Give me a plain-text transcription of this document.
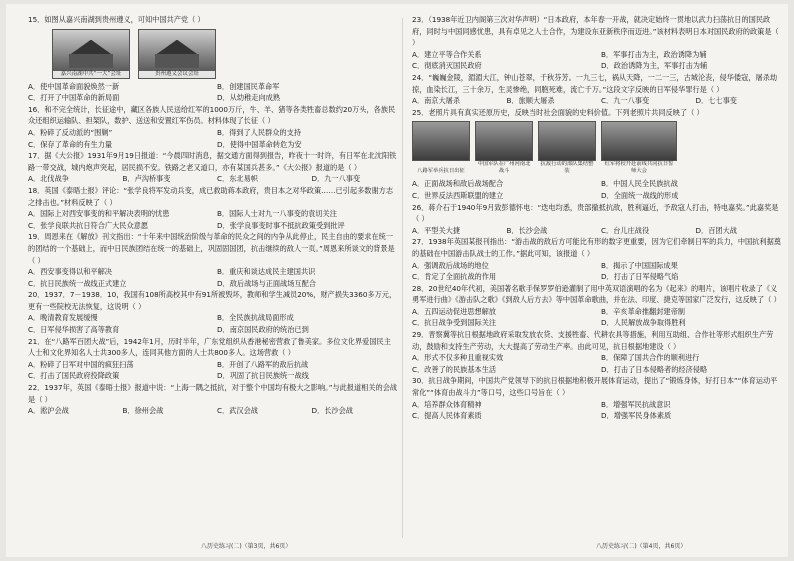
15．如图从嘉兴南湖到贵州遵义，可知中国共产党（ ）

嘉兴南湖中共“一大”会址	贵州遵义会议会址
A．使中国革命面貌焕然一新	B．创建国民革命军
C．打开了中国革命的新局面	D．从幼稚走向成熟

16．和不完全统计，长征途中，藏区各族人民送给红军的1000万斤，牛、羊、猪等各类牲畜总数约20万头，各族民众还组织运输队、担架队，数护、送送和安置红军伤员。材料体现了长征（ ）

A．粉碎了反动派的“围剿”	B．得到了人民群众的支持
C．保存了革命的有生力量	D．使得中国革命转危为安

17．据《大公报》1931年9月19日报道：“今晨四时消息，据交通方面得到报告，昨夜十一时许，有日军在北沈阳铁路一带交战，城内炮声突起，居民损不安。铁路之老又道口，亦有某国兵甚多。”《大公报》报道的是（ ）

A．北伐战争	B．卢沟桥事变	C．东北易帜	D．九一八事变

18．英国《泰晤士报》评论：“张学良将军发动兵变，成已救助蒋本政府，贵目本之对华政策……已引起多数谢方志之排击也。”材料反映了（ ）

A．国际上对西安事变的和平解决表明的忧患	B．国际人士对九一八事变的袁切关注
C．张学良联共抗日符合广大民众意愿	D．张学良事变时事不抵抗政策受到批评

19．周恩来在《解放》刊文指出：“十年来中国统治阶级与革命的民众之间的内争从此停止，民主自由的要求在统一的团结的一个基础上，而中日民族团结在统一的基础上，巩固固国团，抗击继续的敌人一页。”周恩来所谈文的背景是（ ）

A．西安事变得以和平解决	B．重庆和谈达成民主建国共识
C．抗日民族统一战线正式建立	D．敌后战场与正面战场互配合

20．1937．7－1938．10，我国有108所高校其中有91所被毁坏，教师和学生减员20%，财产损失3360多万元，更有一些院校无法恢复，这说明（ ）

A．晚清教育发展缓慢	B．全民族抗战局面形成
C．日军侵华损害了高等教育	D．南京国民政府的统治已到

21．在“八路军百团大战”后，1942年1月，历时半年，广东党组织从香港秘密营救了鲁美家。多位文化界爱国民主人士和文化界知名人士共300多人，连同其他方面的人士共800多人。这场营救（ ）

A．粉碎了日军对中国的疯狂扫荡	B．开创了八路军的敌后抗战
C．打击了国民政府投降政策	D．巩固了抗日民族统一战线

22．1937年，英国《泰晤士报》报道中说：“上海一隅之抵抗，对于整个中国均有极大之影响。”与此报道相关的会战是（ ）

A．淞沪会战	B．徐州会战	C．武汉会战	D．长沙会战

23．（1938年近卫内阁第三次对华声明）“日本政府，本年春一开战，就决定始终一贯地以武力扫荡抗日的国民政府，同时与中国同感忧患，具有卓见之人士合作，为建设东亚新秩序而迈进。”该材料表明日本对国民政府的政策是（ ）

A．建立平等合作关系	B．军事打击为主，政治诱降为辅
C．彻底消灭国民政府	D．政治诱降为主，军事打击为辅

24．“巍巍金陵，湄湄大江，钟山苍翠，千秋芬芳。一九三七，祸从天降，一二一三，古城沦丧，侵华倭寇，屠杀劫掠，血染长江，三十余万，生灵惨绝，同胞死难，流亡千万。”这段文字反映的日军侵华罪行是（ ）

A．南京大屠杀	B．旅顺大屠杀	C．九一八事变	D．七七事变

25．老照片具有真实还原历史，反映当时社会面貌的史料价值。下列老照片共同反映了（ ）

八路军举兵抗日出征
中国军队在广州河南北战斗
抗敌行动的部队集结整装
红军将校开赴前线共同抗日誓师大会
A．正面战场和敌后战场配合	B．中国人民全民族抗战
C．世界反法西斯联盟的建立	D．全面统一战线的形成

26．蒋介石于1940年9月致彭德怀电：“迭电均悉，贵部撤抵抗敌，胜利逼近，予敌寇人打击，特电嘉奖。”此嘉奖是（ ）

A．平型关大捷	B．长沙会战	C．台儿庄战役	D．百团大战

27．1938年英国某报刊指出：“游击战的敌后方可能比有形的数字更重要，因为它们牵制日军的兵力，中国抗利据奠的基础在中国游击队战士的工作。”据此可知，该报道（ ）

A．强调敌后战场的地位	B．揭示了中国国际成果
C．肯定了全面抗战的作用	D．打击了日军侵略气焰

28．20世纪40年代初，美国著名歌手保罗罗伯逊灌制了用中英双语演唱的名为《起来》的唱片，该唱片收录了《义勇军进行曲》《游击队之歌》《到敌人后方去》等中国革命歌曲，并在法、印度、捷克等国家广泛发行，这反映了（ ）

A．五四运动促进思想解放	B．辛亥革命推翻封建帝制
C．抗日战争受到国际关注	D．人民解放战争取得胜利

29．晋察冀等抗日根据地政府采取发放农贷、支援牲畜、代耕农具等措施，利用互助组、合作社等形式组织生产劳动，鼓励和支持生产劳动，大大提高了劳动生产率。由此可见，抗日根据地建设（ ）

A．形式不仅多种且重视实效	B．保障了国共合作的顺利进行
C．改善了的民族基本生活	D．打击了日本侵略者的经济侵略

30．抗日战争期间，中国共产党领导下的抗日根据地积极开展体育运动，提出了“锻炼身体，好打日本”“体育运动平常化”“体育由战斗力”等口号，这些口号旨在（ ）

A．培养群众体育精神	B．增强军民抗战意识
C．提高人民体育素质	D．增强军民身体素质
八历史练习(二)（第3页，共6页）	八历史练习(二)（第4页，共6页）
